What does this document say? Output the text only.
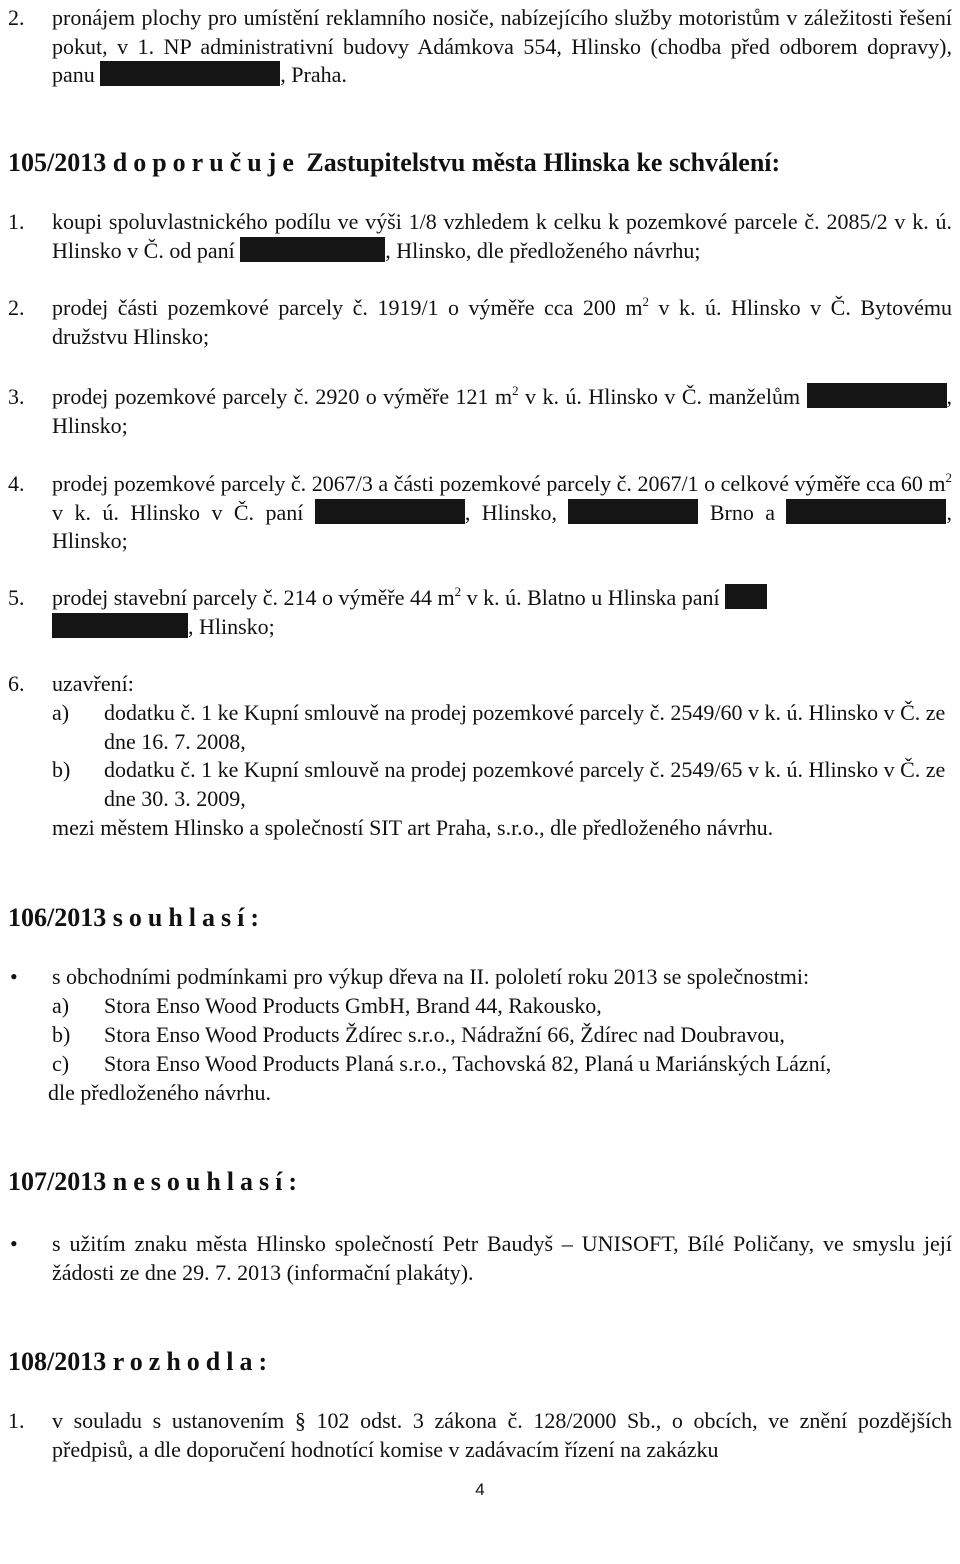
2. pronájem plochy pro umístění reklamního nosiče, nabízejícího služby motoristům v záležitosti řešení pokut, v 1. NP administrativní budovy Adámkova 554, Hlinsko (chodba před odborem dopravy), panu	, Praha.
105/2013 doporučuje Zastupitelstvu města Hlinska ke schválení:
1. koupi spoluvlastnického podílu ve výši 1/8 vzhledem k celku k pozemkové parcele č. 2085/2 v k. ú. Hlinsko v Č. od paní	, Hlinsko, dle předloženého návrhu;
2. prodej části pozemkové parcely č. 1919/1 o výměře cca 200 $m^2$ v k. ú. Hlinsko v Č. Bytovému družstvu Hlinsko;
3. prodej pozemkové parcely č. 2920 o výměře 121 $m^2$ v k. ú. Hlinsko v Č. manželům	, Hlinsko;
4. prodej pozemkové parcely č. 2067/3 a části pozemkové parcely č. 2067/1 o celkové výměře cca 60 $m^2$ v k. ú. Hlinsko v Č. paní	, Hlinsko,	Brno a	, Hlinsko;
5. prodej stavební parcely č. 214 o výměře 44 $m^2$ v k. ú. Blatno u Hlinska paní
, Hlinsko;
6. uzavření:
a) dodatku č. 1 ke Kupní smlouvě na prodej pozemkové parcely č. 2549/60 v k. ú. Hlinsko v Č. ze dne 16. 7. 2008,
b) dodatku č. 1 ke Kupní smlouvě na prodej pozemkové parcely č. 2549/65 v k. ú. Hlinsko v Č. ze dne 30. 3. 2009,
mezi městem Hlinsko a společností SIT art Praha, s.r.o., dle předloženého návrhu.
106/2013 souhlasí:
• s obchodními podmínkami pro výkup dřeva na II. pololetí roku 2013 se společnostmi:
a) Stora Enso Wood Products GmbH, Brand 44, Rakousko,
b) Stora Enso Wood Products Ždírec s.r.o., Nádražní 66, Ždírec nad Doubravou,
c) Stora Enso Wood Products Planá s.r.o., Tachovská 82, Planá u Mariánských Lázní,
dle předloženého návrhu.
107/2013 nesouhlasí:
• s užitím znaku města Hlinsko společností Petr Baudyš – UNISOFT, Bílé Poličany, ve smyslu její žádosti ze dne 29. 7. 2013 (informační plakáty).
108/2013 rozhodla:
1. v souladu s ustanovením § 102 odst. 3 zákona č. 128/2000 Sb., o obcích, ve znění pozdějších předpisů, a dle doporučení hodnotící komise v zadávacím řízení na zakázku
4
